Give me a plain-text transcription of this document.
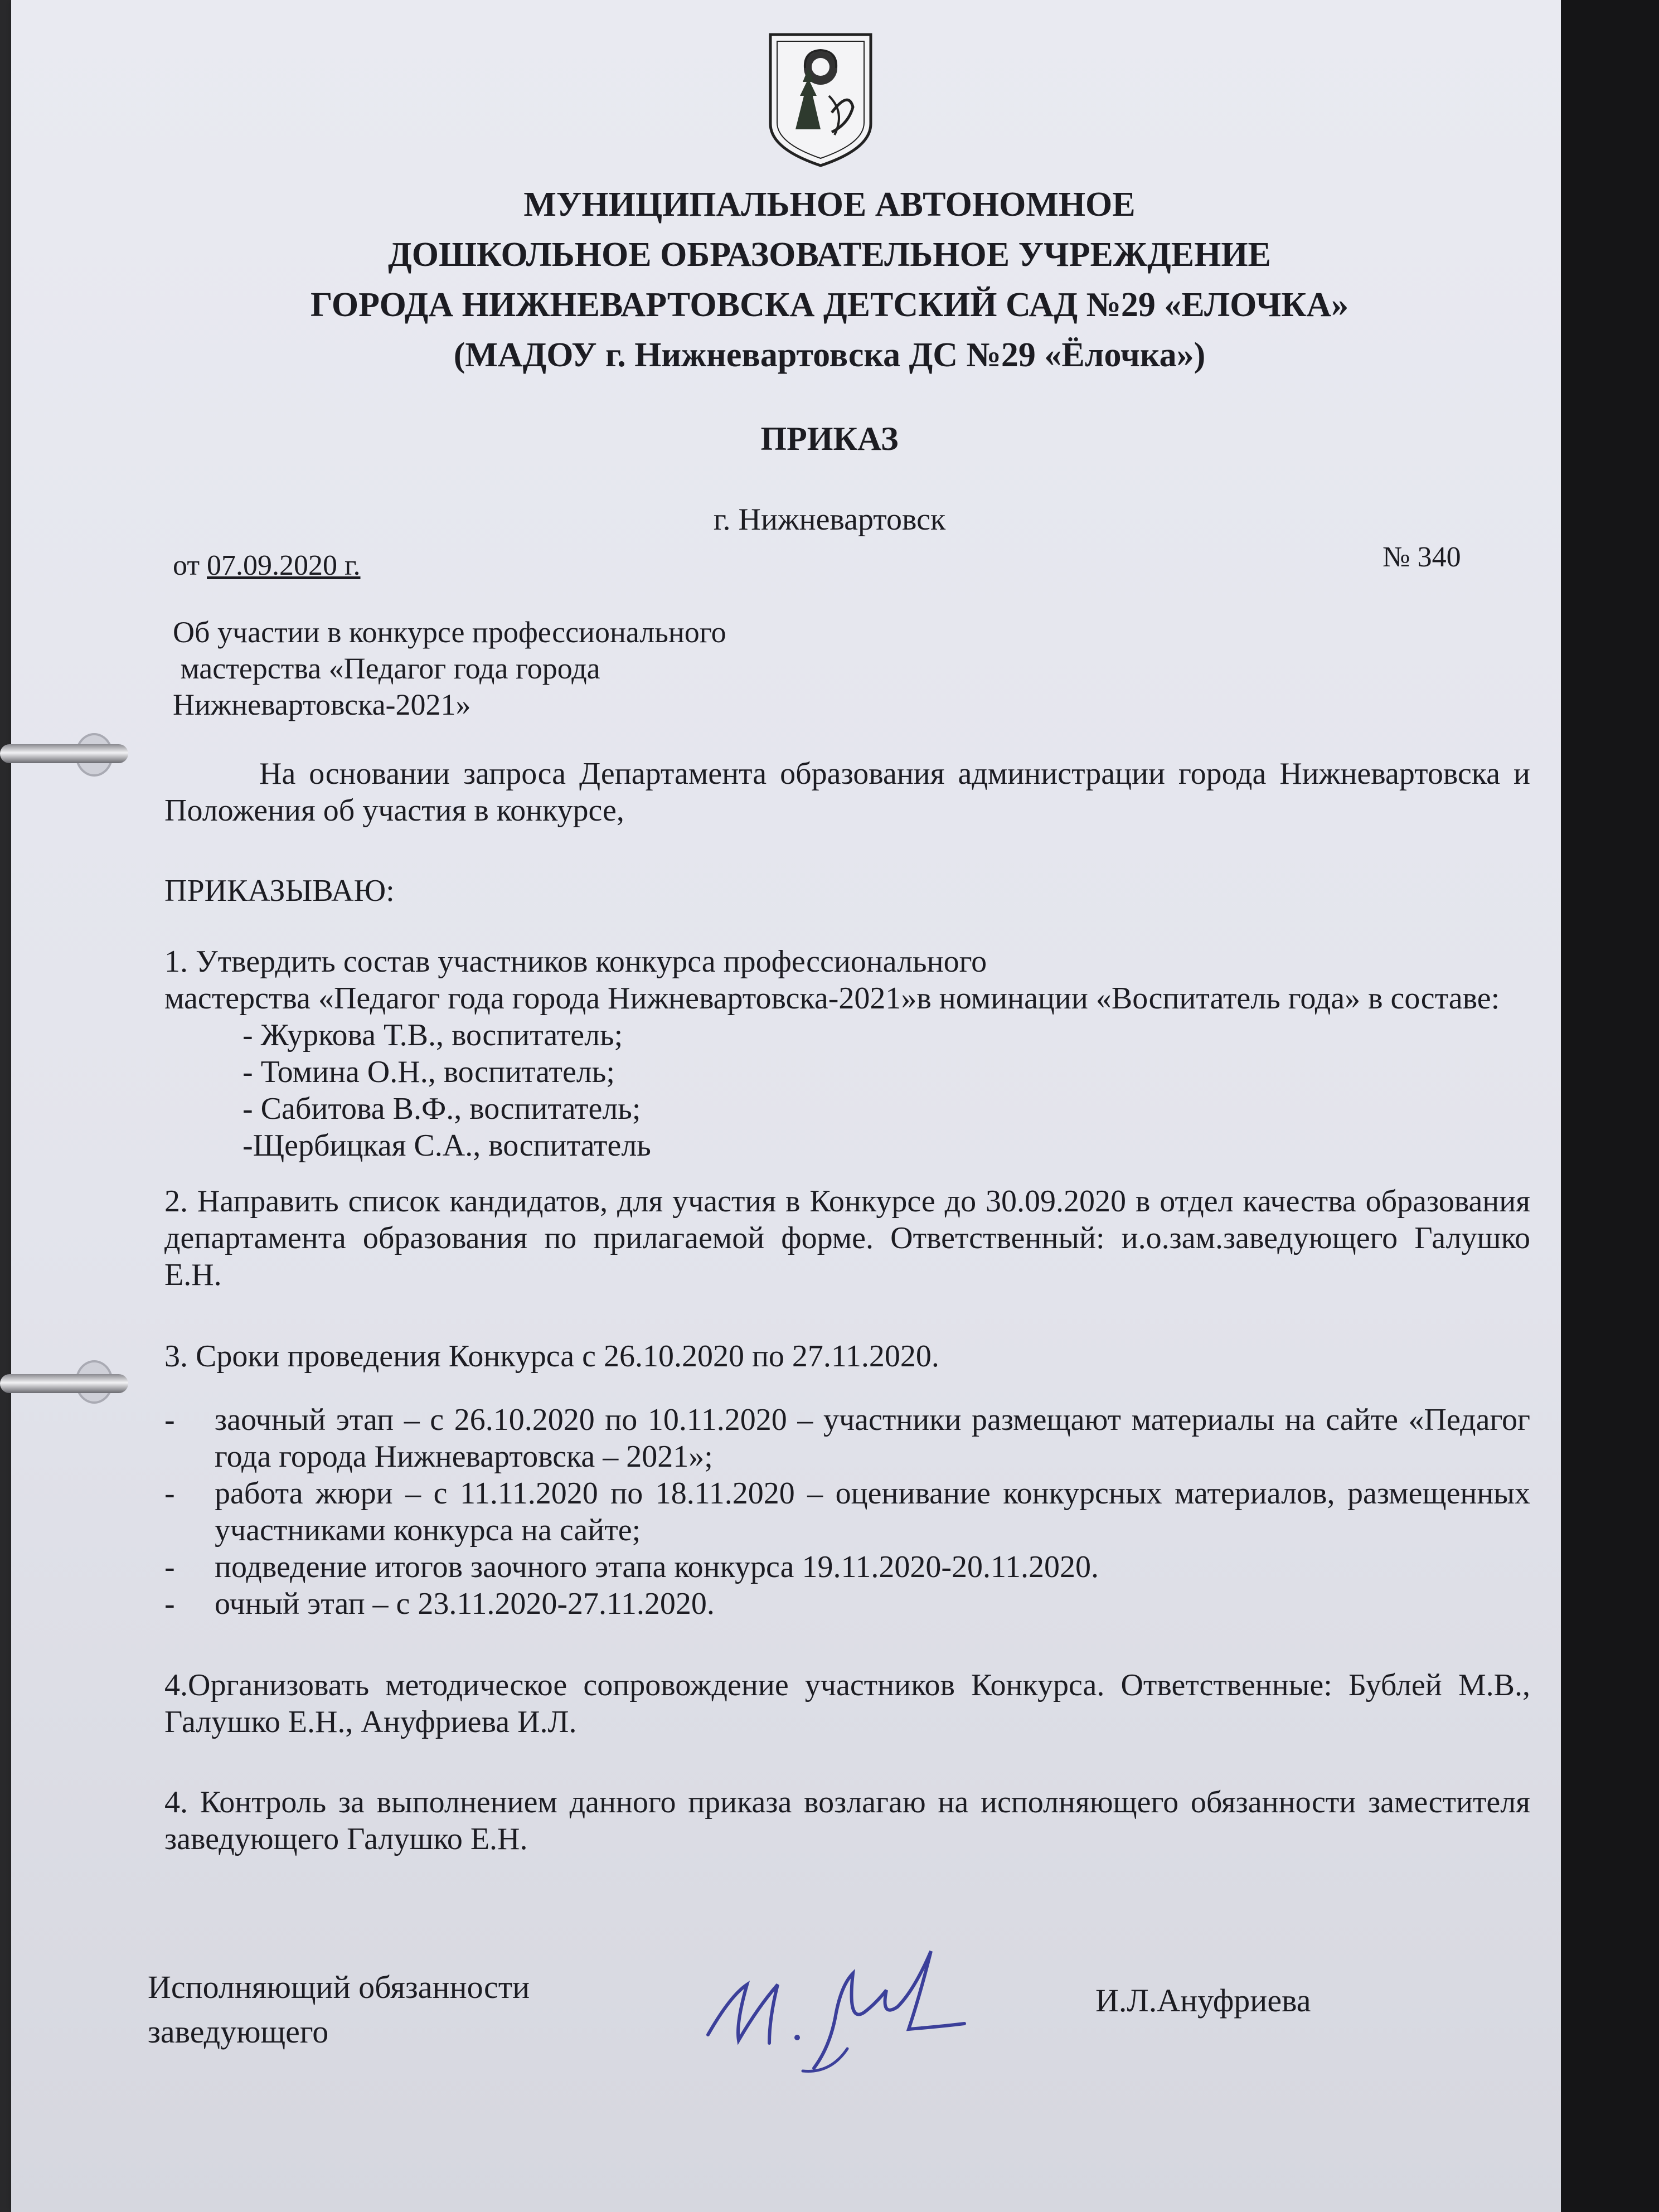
МУНИЦИПАЛЬНОЕ АВТОНОМНОЕ
ДОШКОЛЬНОЕ ОБРАЗОВАТЕЛЬНОЕ УЧРЕЖДЕНИЕ
ГОРОДА НИЖНЕВАРТОВСКА ДЕТСКИЙ САД №29 «ЕЛОЧКА»
(МАДОУ г. Нижневартовска ДС №29 «Ёлочка»)
ПРИКАЗ
г. Нижневартовск
от 07.09.2020 г.	№ 340
Об участии в конкурсе профессионального
мастерства «Педагог года города
Нижневартовска-2021»
На основании запроса Департамента образования администрации города Нижневартовска и Положения об участия в конкурсе,
ПРИКАЗЫВАЮ:
1. Утвердить состав участников конкурса профессионального
мастерства «Педагог года города Нижневартовска-2021»в номинации «Воспитатель года» в составе:
- Журкова Т.В., воспитатель;
- Томина О.Н., воспитатель;
- Сабитова В.Ф., воспитатель;
-Щербицкая С.А., воспитатель
2. Направить список кандидатов, для участия в Конкурсе до 30.09.2020 в отдел качества образования департамента образования по прилагаемой форме. Ответственный: и.о.зам.заведующего Галушко Е.Н.
3. Сроки проведения Конкурса с 26.10.2020 по 27.11.2020.
- заочный этап – с 26.10.2020 по 10.11.2020 – участники размещают материалы на сайте «Педагог года города Нижневартовска – 2021»;
- работа жюри – с 11.11.2020 по 18.11.2020 – оценивание конкурсных материалов, размещенных участниками конкурса на сайте;
- подведение итогов заочного этапа конкурса 19.11.2020-20.11.2020.
- очный этап – с 23.11.2020-27.11.2020.
4.Организовать методическое сопровождение участников Конкурса. Ответственные: Бублей М.В., Галушко Е.Н., Ануфриева И.Л.
4. Контроль за выполнением данного приказа возлагаю на исполняющего обязанности заместителя заведующего Галушко Е.Н.
Исполняющий обязанности
заведующего
И.Л.Ануфриева
